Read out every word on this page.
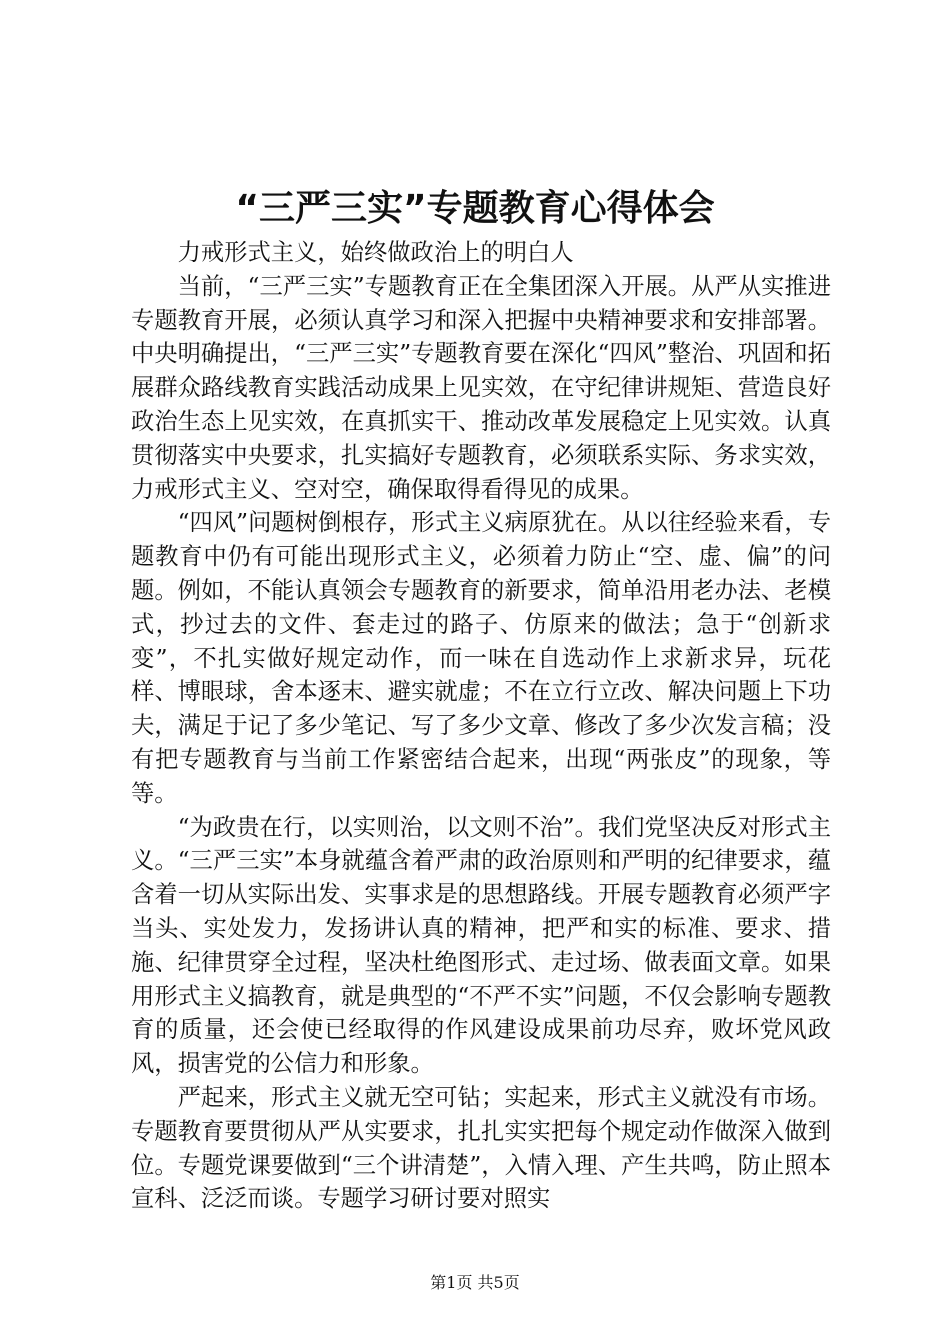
“三严三实”专题教育心得体会

力戒形式主义，始终做政治上的明白人

当前，“三严三实”专题教育正在全集团深入开展。从严从实推进专题教育开展，必须认真学习和深入把握中央精神要求和安排部署。中央明确提出，“三严三实”专题教育要在深化“四风”整治、巩固和拓展群众路线教育实践活动成果上见实效，在守纪律讲规矩、营造良好政治生态上见实效，在真抓实干、推动改革发展稳定上见实效。认真贯彻落实中央要求，扎实搞好专题教育，必须联系实际、务求实效，力戒形式主义、空对空，确保取得看得见的成果。

“四风”问题树倒根存，形式主义病原犹在。从以往经验来看，专题教育中仍有可能出现形式主义，必须着力防止“空、虚、偏”的问题。例如，不能认真领会专题教育的新要求，简单沿用老办法、老模式，抄过去的文件、套走过的路子、仿原来的做法；急于“创新求变”，不扎实做好规定动作，而一味在自选动作上求新求异，玩花样、博眼球，舍本逐末、避实就虚；不在立行立改、解决问题上下功夫，满足于记了多少笔记、写了多少文章、修改了多少次发言稿；没有把专题教育与当前工作紧密结合起来，出现“两张皮”的现象，等等。

“为政贵在行，以实则治，以文则不治”。我们党坚决反对形式主义。“三严三实”本身就蕴含着严肃的政治原则和严明的纪律要求，蕴含着一切从实际出发、实事求是的思想路线。开展专题教育必须严字当头、实处发力，发扬讲认真的精神，把严和实的标准、要求、措施、纪律贯穿全过程，坚决杜绝图形式、走过场、做表面文章。如果用形式主义搞教育，就是典型的“不严不实”问题，不仅会影响专题教育的质量，还会使已经取得的作风建设成果前功尽弃，败坏党风政风，损害党的公信力和形象。

严起来，形式主义就无空可钻；实起来，形式主义就没有市场。专题教育要贯彻从严从实要求，扎扎实实把每个规定动作做深入做到位。专题党课要做到“三个讲清楚”，入情入理、产生共鸣，防止照本宣科、泛泛而谈。专题学习研讨要对照实

第1页 共5页
